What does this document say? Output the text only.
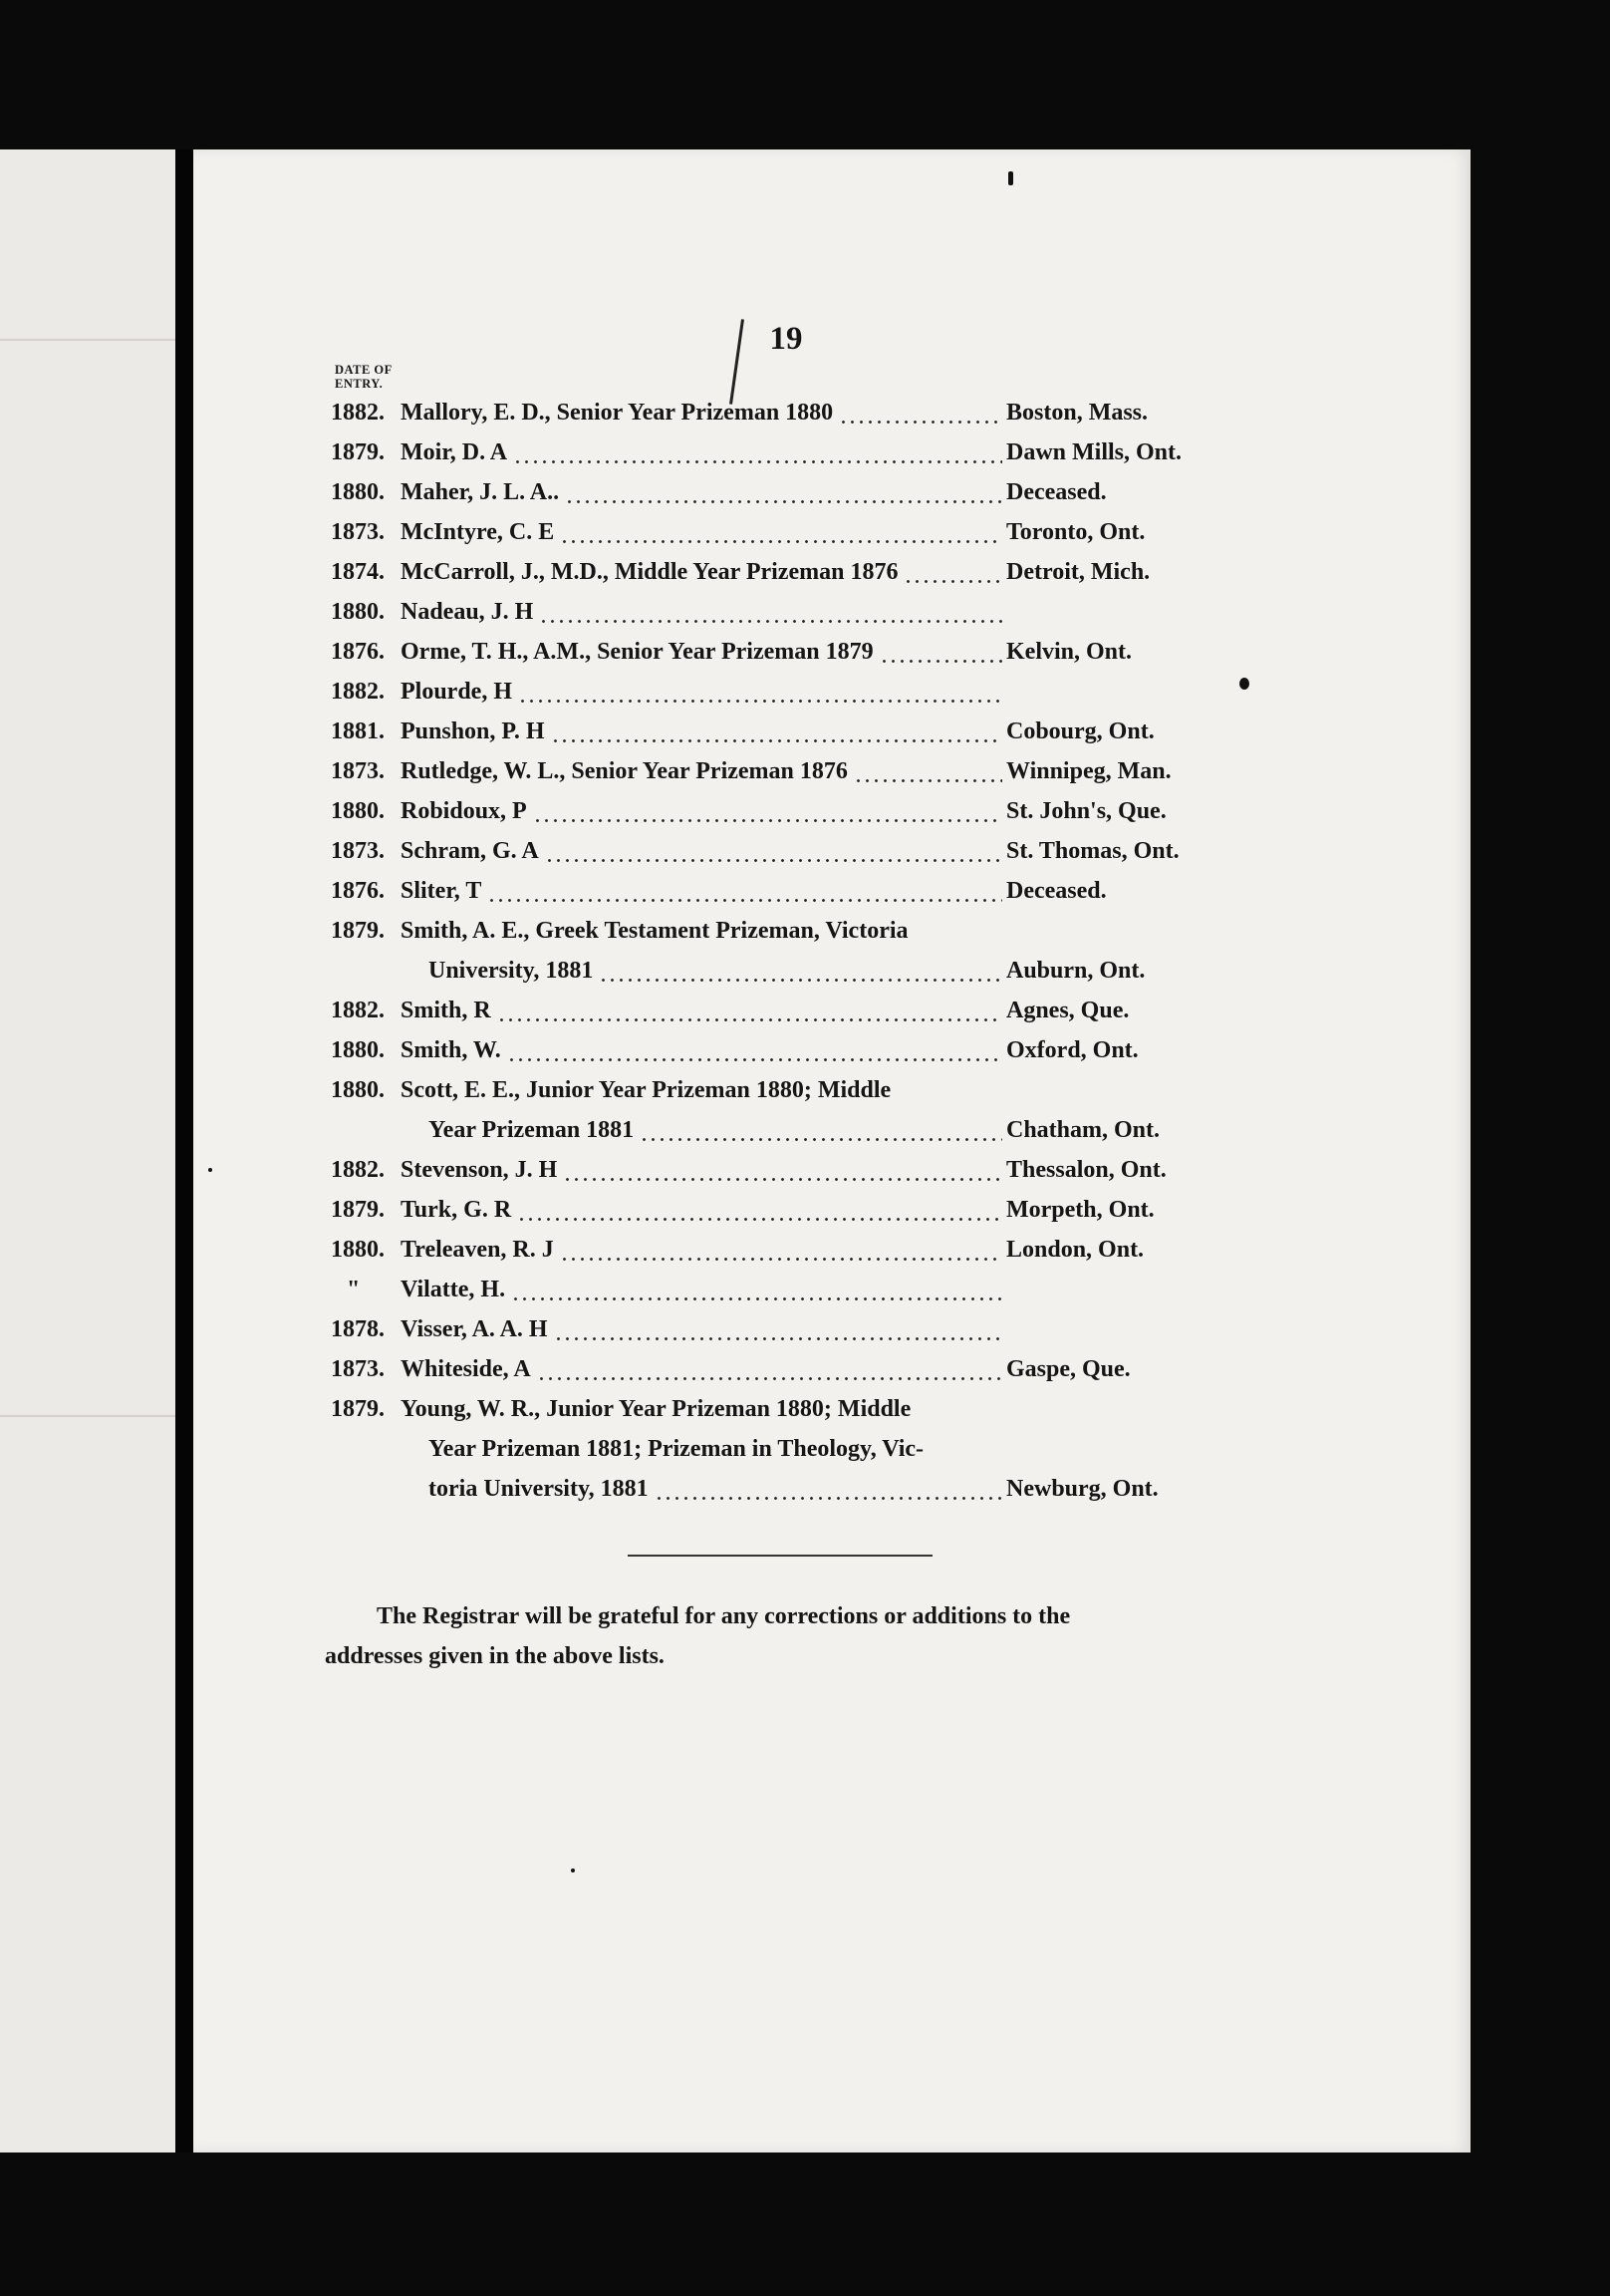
19
DATE OF
ENTRY.
1882. Mallory, E. D., Senior Year Prizeman 1880	Boston, Mass.
1879. Moir, D. A	Dawn Mills, Ont.
1880. Maher, J. L. A..	Deceased.
1873. McIntyre, C. E	Toronto, Ont.
1874. McCarroll, J., M.D., Middle Year Prizeman 1876	Detroit, Mich.
1880. Nadeau, J. H
1876. Orme, T. H., A.M., Senior Year Prizeman 1879	Kelvin, Ont.
1882. Plourde, H
1881. Punshon, P. H	Cobourg, Ont.
1873. Rutledge, W. L., Senior Year Prizeman 1876	Winnipeg, Man.
1880. Robidoux, P	St. John's, Que.
1873. Schram, G. A	St. Thomas, Ont.
1876. Sliter, T	Deceased.
1879. Smith, A. E., Greek Testament Prizeman, Victoria
University, 1881	Auburn, Ont.
1882. Smith, R	Agnes, Que.
1880. Smith, W.	Oxford, Ont.
1880. Scott, E. E., Junior Year Prizeman 1880; Middle
Year Prizeman 1881	Chatham, Ont.
1882. Stevenson, J. H	Thessalon, Ont.
1879. Turk, G. R	Morpeth, Ont.
1880. Treleaven, R. J	London, Ont.
"	Vilatte, H.
1878. Visser, A. A. H
1873. Whiteside, A	Gaspe, Que.
1879. Young, W. R., Junior Year Prizeman 1880; Middle
Year Prizeman 1881; Prizeman in Theology, Vic-
toria University, 1881	Newburg, Ont.
The Registrar will be grateful for any corrections or additions to the
addresses given in the above lists.
